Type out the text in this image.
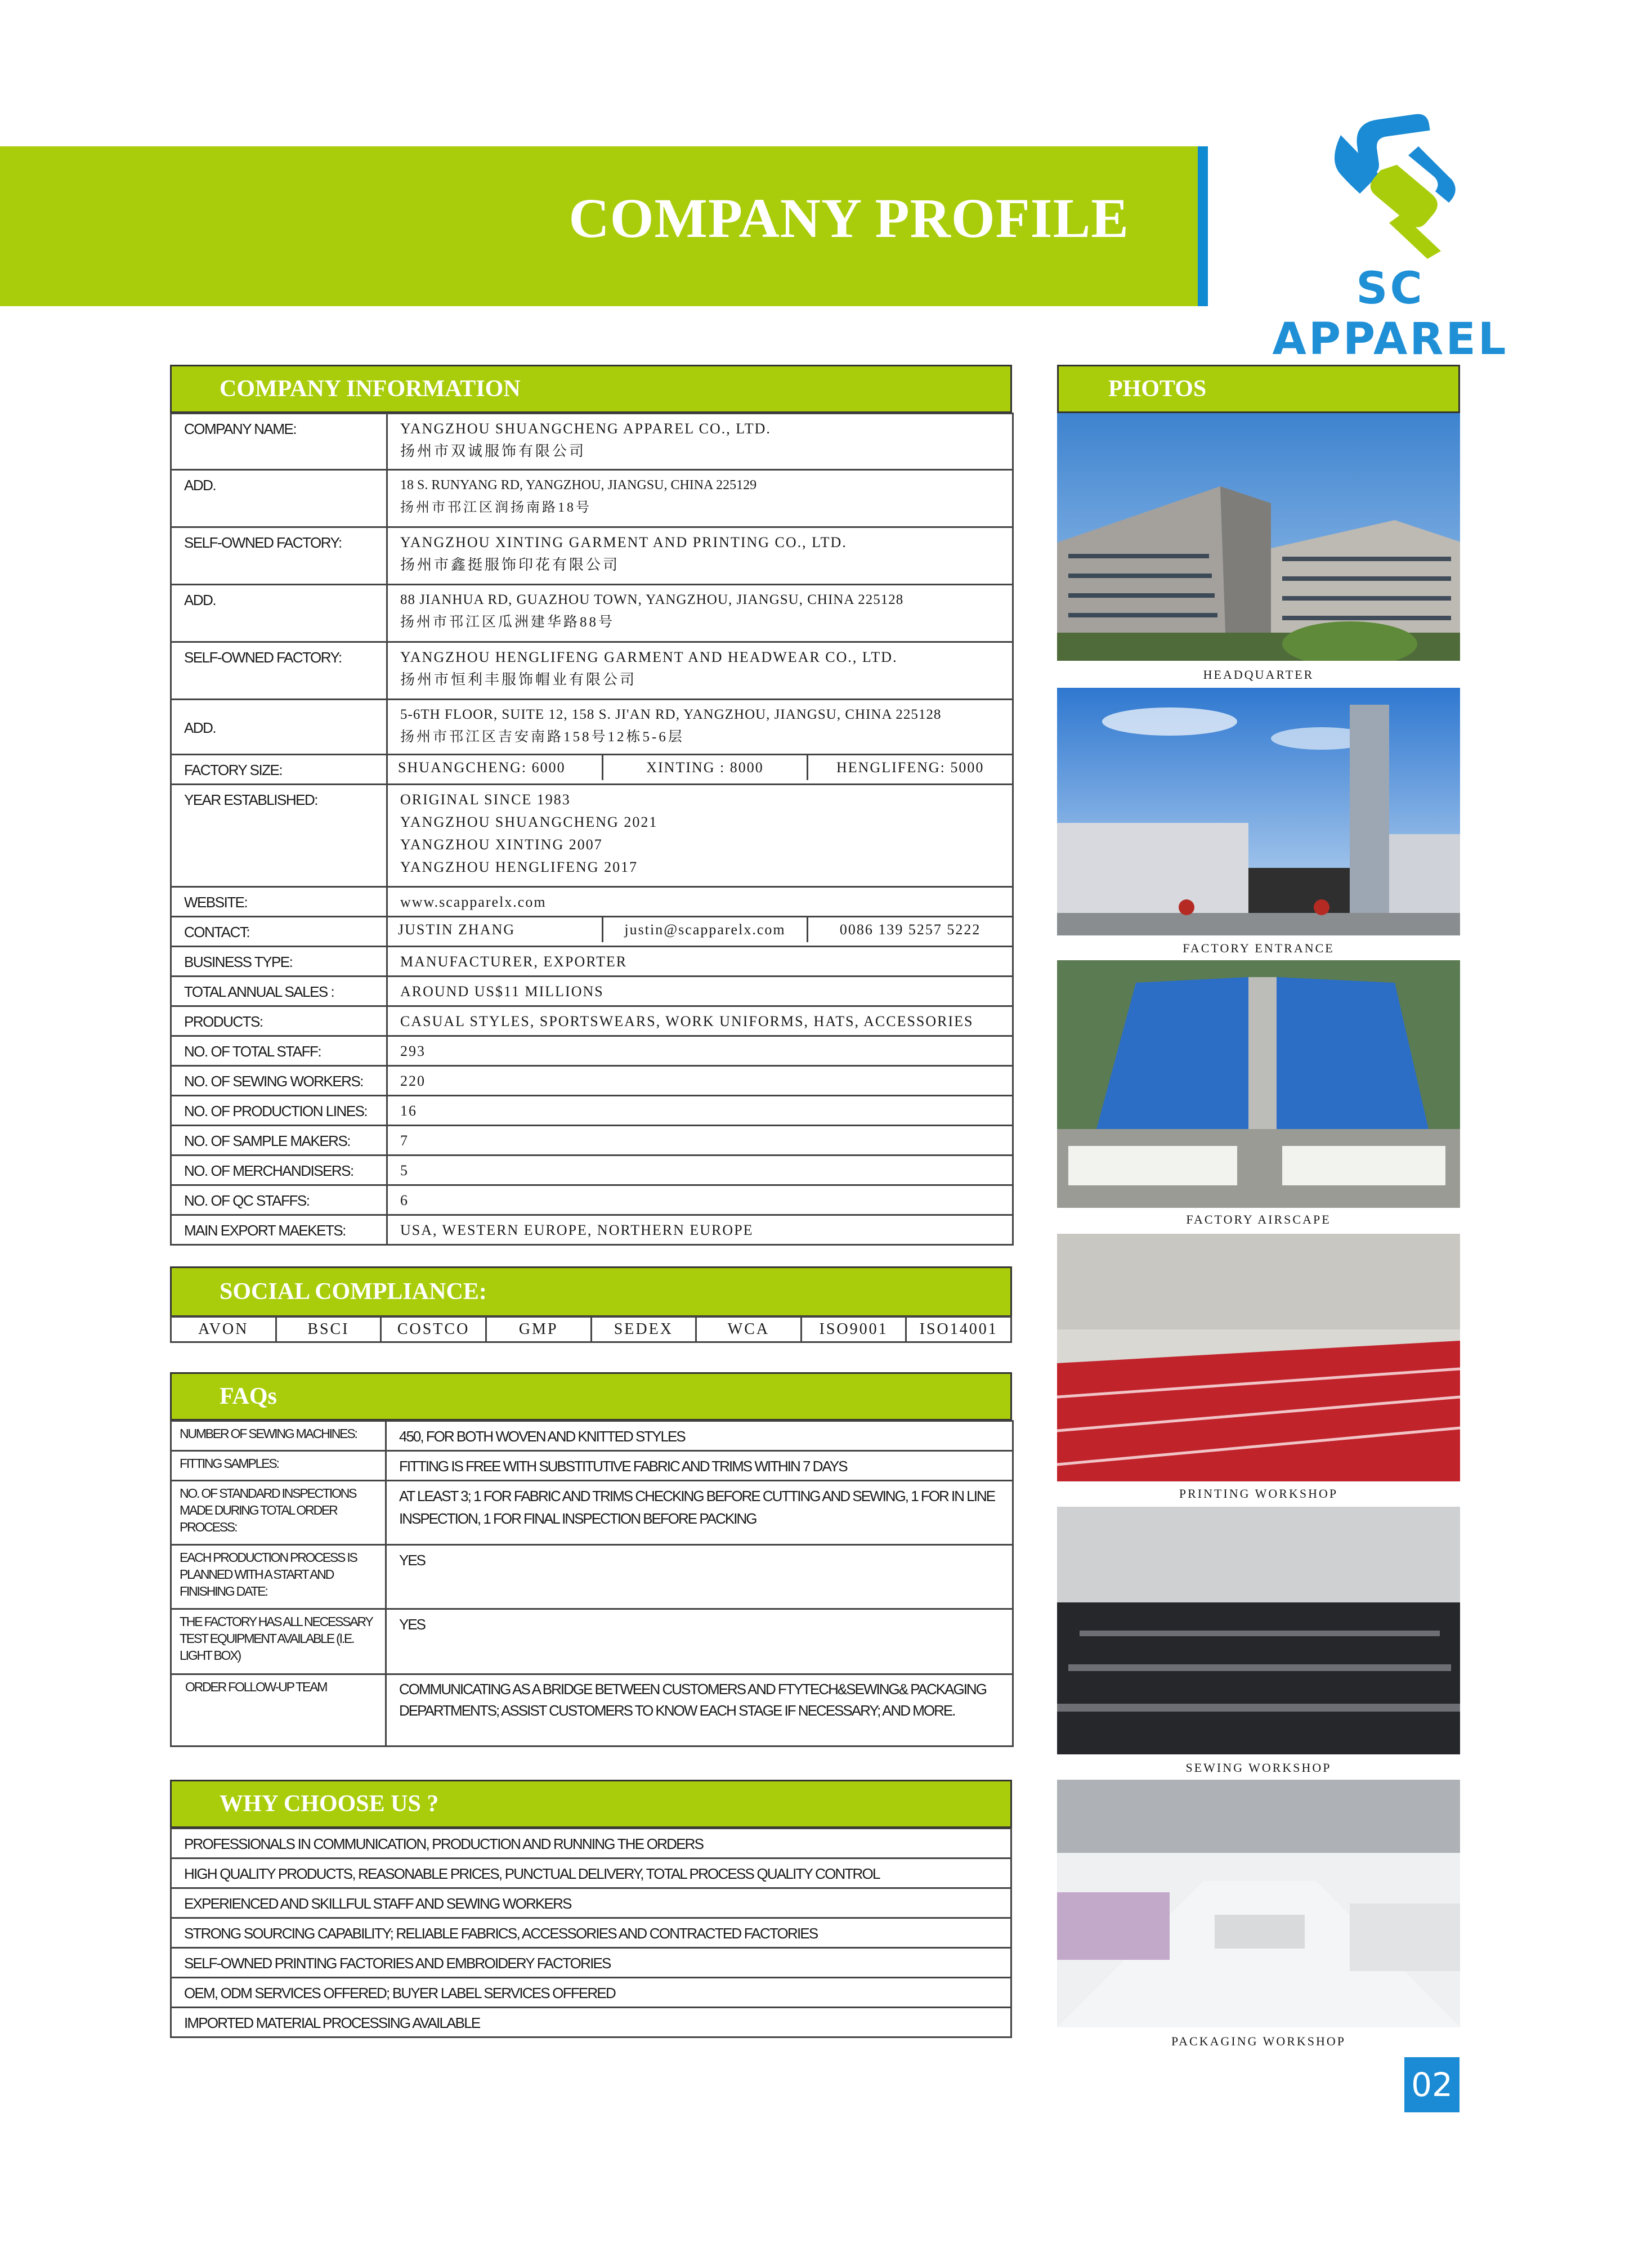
COMPANY PROFILE
SC APPAREL
COMPANY INFORMATION
COMPANY NAME:	YANGZHOU SHUANGCHENG APPAREL CO., LTD.
扬州市双诚服饰有限公司

ADD.	18 S. RUNYANG RD, YANGZHOU, JIANGSU, CHINA 225129
扬州市邗江区润扬南路18号

SELF-OWNED FACTORY:	YANGZHOU XINTING GARMENT AND PRINTING CO., LTD.
扬州市鑫挺服饰印花有限公司

ADD.	88 JIANHUA RD, GUAZHOU TOWN, YANGZHOU, JIANGSU, CHINA 225128
扬州市邗江区瓜洲建华路88号

SELF-OWNED FACTORY:	YANGZHOU HENGLIFENG GARMENT AND HEADWEAR CO., LTD.
扬州市恒利丰服饰帽业有限公司

ADD.	5-6TH FLOOR, SUITE 12, 158 S. JI'AN RD, YANGZHOU, JIANGSU, CHINA 225128
扬州市邗江区吉安南路158号12栋5-6层

FACTORY SIZE:	SHUANGCHENG: 6000 XINTING : 8000 HENGLIFENG: 5000

YEAR ESTABLISHED:	ORIGINAL SINCE 1983
YANGZHOU SHUANGCHENG 2021
YANGZHOU XINTING 2007
YANGZHOU HENGLIFENG 2017

WEBSITE:	www.scapparelx.com
CONTACT:	JUSTIN ZHANG justin@scapparelx.com 0086 139 5257 5222

BUSINESS TYPE:	MANUFACTURER, EXPORTER
TOTAL ANNUAL SALES :	AROUND US$11 MILLIONS
PRODUCTS:	CASUAL STYLES, SPORTSWEARS, WORK UNIFORMS, HATS, ACCESSORIES
NO. OF TOTAL STAFF:	293
NO. OF SEWING WORKERS:	220
NO. OF PRODUCTION LINES:	16
NO. OF SAMPLE MAKERS:	7
NO. OF MERCHANDISERS:	5
NO. OF QC STAFFS:	6
MAIN EXPORT MAEKETS:	USA, WESTERN EUROPE, NORTHERN EUROPE
SOCIAL COMPLIANCE:
AVON	BSCI	COSTCO	GMP	SEDEX	WCA	ISO9001	ISO14001
FAQs
NUMBER OF SEWING MACHINES:	450, FOR BOTH WOVEN AND KNITTED STYLES
FITTING SAMPLES:	FITTING IS FREE WITH SUBSTITUTIVE FABRIC AND TRIMS WITHIN 7 DAYS
NO. OF STANDARD INSPECTIONS MADE DURING TOTAL ORDER PROCESS:	AT LEAST 3; 1 FOR FABRIC AND TRIMS CHECKING BEFORE CUTTING AND SEWING, 1 FOR IN LINE INSPECTION, 1 FOR FINAL INSPECTION BEFORE PACKING
EACH PRODUCTION PROCESS IS PLANNED WITH A START AND FINISHING DATE:	YES
THE FACTORY HAS ALL NECESSARY TEST EQUIPMENT AVAILABLE (I.E. LIGHT BOX)	YES
ORDER FOLLOW-UP TEAM	COMMUNICATING AS A BRIDGE BETWEEN CUSTOMERS AND FTYTECH&SEWING& PACKAGING DEPARTMENTS; ASSIST CUSTOMERS TO KNOW EACH STAGE IF NECESSARY; AND MORE.
WHY CHOOSE US ?
PROFESSIONALS IN COMMUNICATION, PRODUCTION AND RUNNING THE ORDERS
HIGH QUALITY PRODUCTS, REASONABLE PRICES, PUNCTUAL DELIVERY, TOTAL PROCESS QUALITY CONTROL
EXPERIENCED AND SKILLFUL STAFF AND SEWING WORKERS
STRONG SOURCING CAPABILITY; RELIABLE FABRICS, ACCESSORIES AND CONTRACTED FACTORIES
SELF-OWNED PRINTING FACTORIES AND EMBROIDERY FACTORIES
OEM, ODM SERVICES OFFERED; BUYER LABEL SERVICES OFFERED
IMPORTED MATERIAL PROCESSING AVAILABLE
PHOTOS
HEADQUARTER
FACTORY ENTRANCE
FACTORY AIRSCAPE
PRINTING WORKSHOP
SEWING WORKSHOP
PACKAGING WORKSHOP
02
